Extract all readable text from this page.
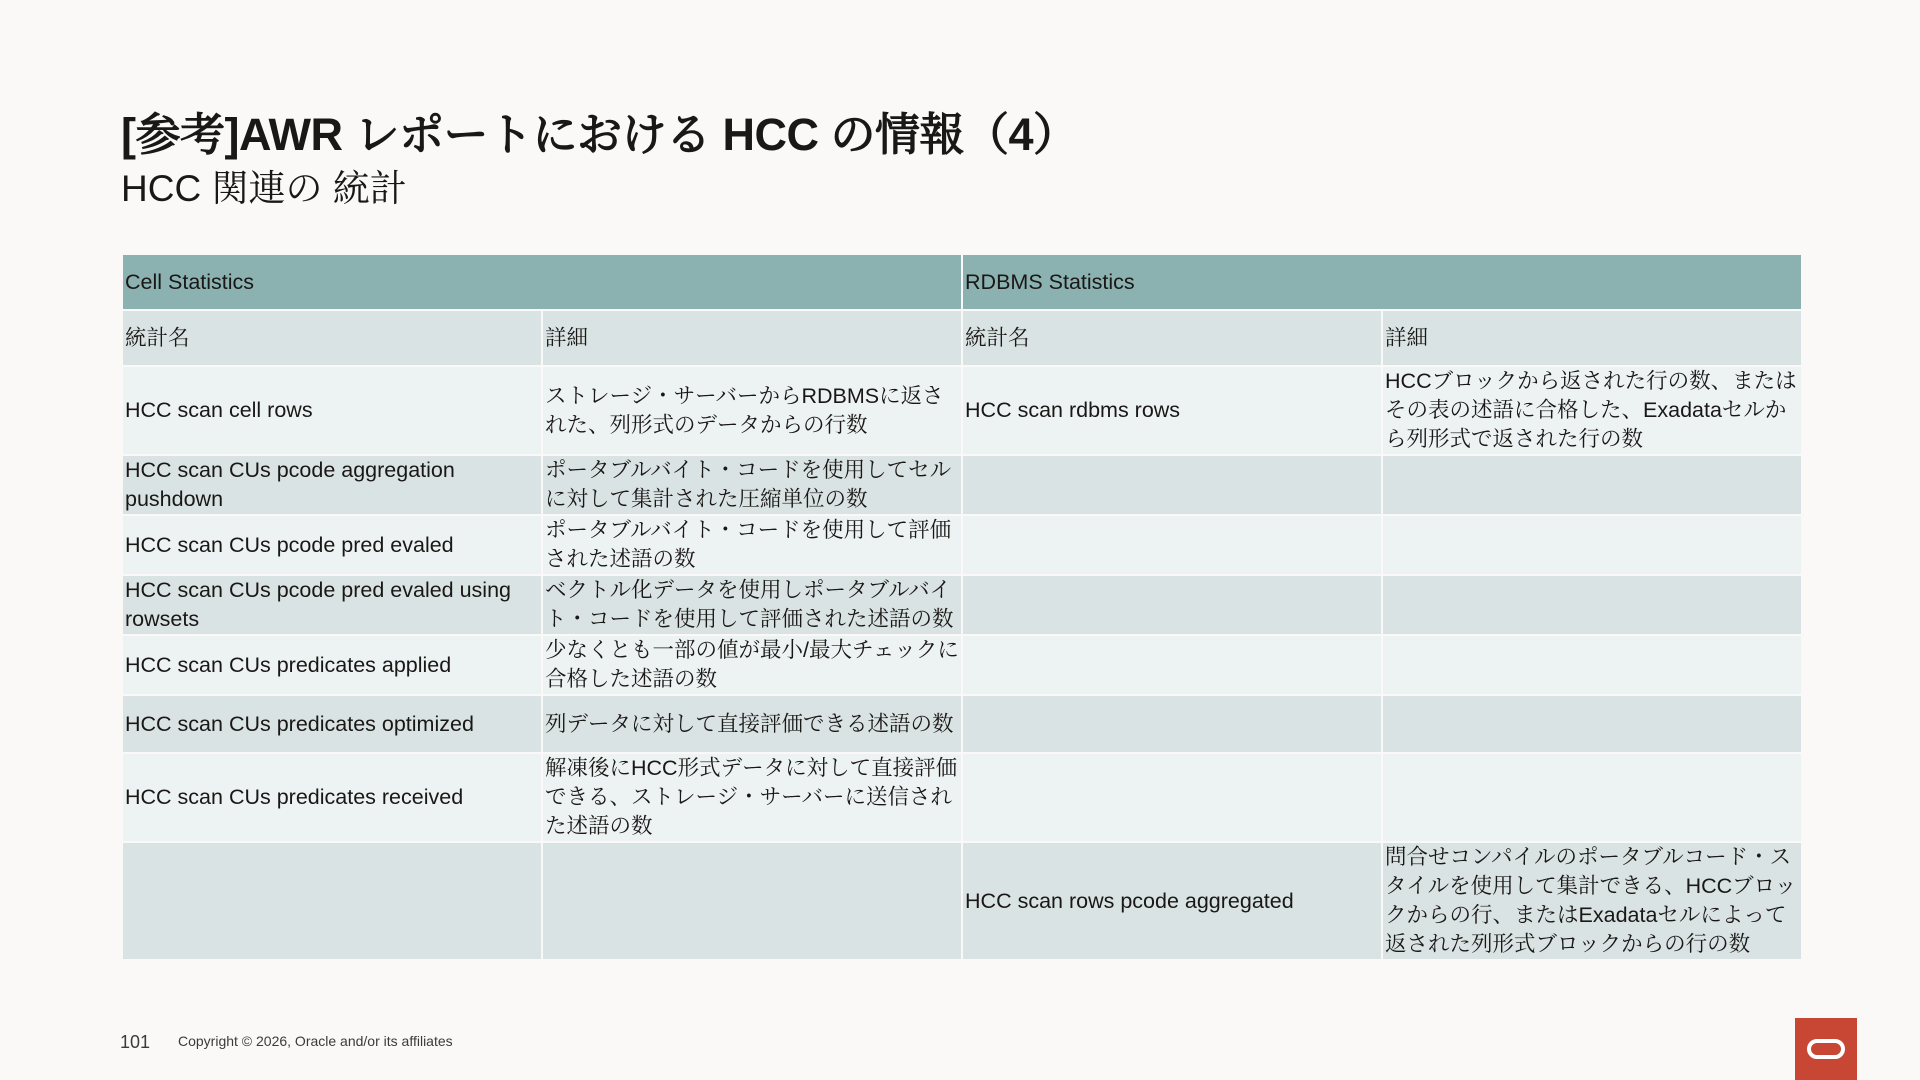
[参考]AWR レポートにおける HCC の情報（4）
HCC 関連の 統計
Cell Statistics		RDBMS Statistics	
統計名	詳細	統計名	詳細
HCC scan cell rows	ストレージ・サーバーからRDBMSに返された、列形式のデータからの行数	HCC scan rdbms rows	HCCブロックから返された行の数、またはその表の述語に合格した、Exadataセルから列形式で返された行の数
HCC scan CUs pcode aggregation pushdown	ポータブルバイト・コードを使用してセルに対して集計された圧縮単位の数		
HCC scan CUs pcode pred evaled	ポータブルバイト・コードを使用して評価された述語の数		
HCC scan CUs pcode pred evaled using rowsets	ベクトル化データを使用しポータブルバイト・コードを使用して評価された述語の数		
HCC scan CUs predicates applied	少なくとも一部の値が最小/最大チェックに合格した述語の数		
HCC scan CUs predicates optimized	列データに対して直接評価できる述語の数		
HCC scan CUs predicates received	解凍後にHCC形式データに対して直接評価できる、ストレージ・サーバーに送信された述語の数		
		HCC scan rows pcode aggregated	問合せコンパイルのポータブルコード・スタイルを使用して集計できる、HCCブロックからの行、またはExadataセルによって返された列形式ブロックからの行の数
101 Copyright © 2026, Oracle and/or its affiliates
